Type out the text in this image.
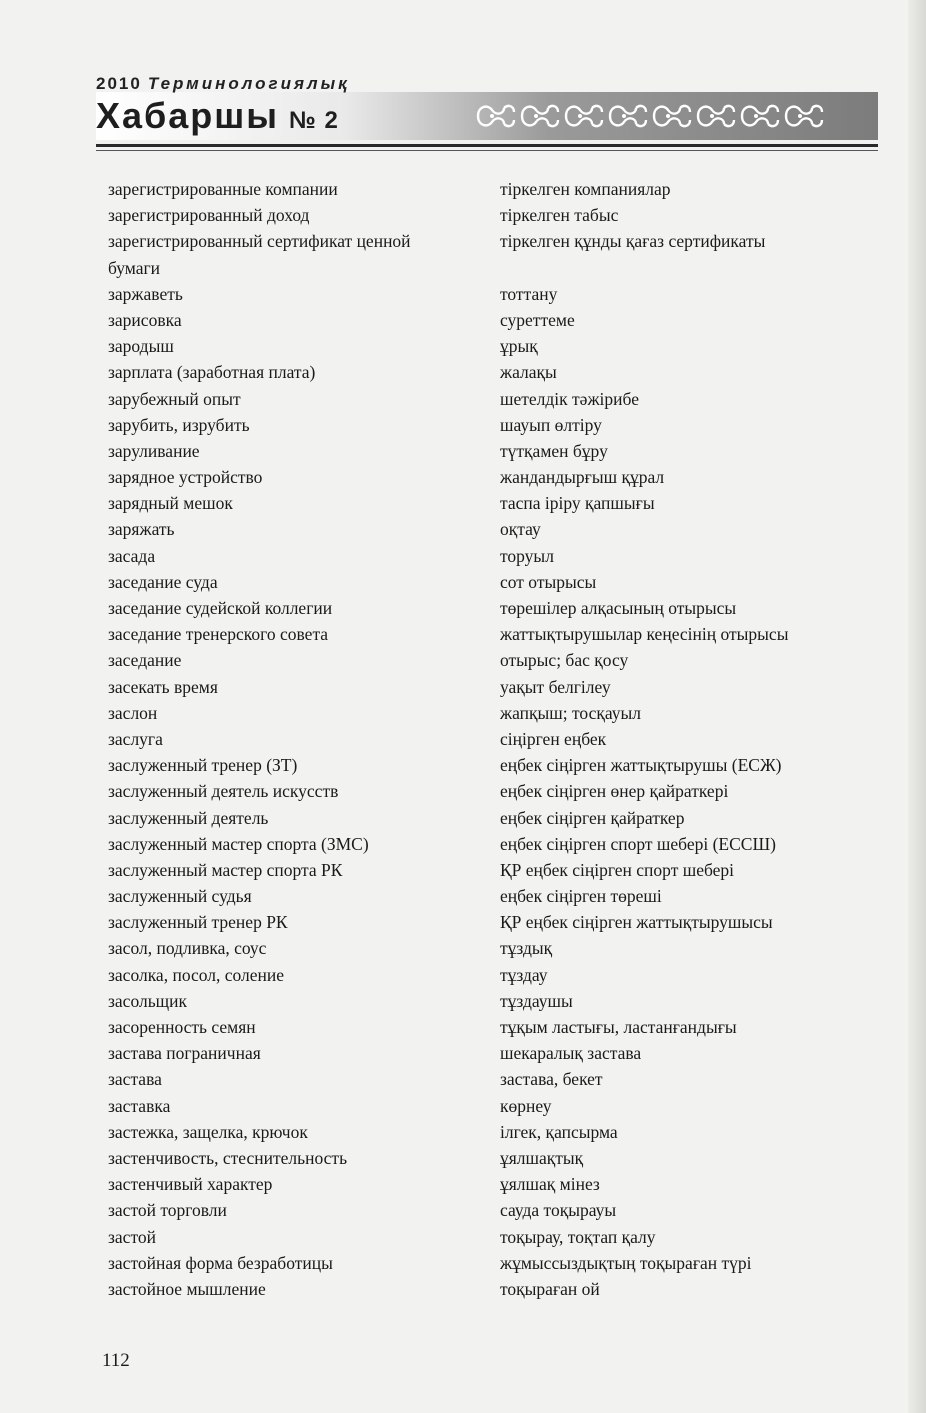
2010 Терминологиялық
Хабаршы № 2
зарегистрированные компании	тіркелген компаниялар
зарегистрированный доход	тіркелген табыс
зарегистрированный сертификат ценной	тіркелген құнды қағаз сертификаты
бумаги
заржаветь	тоттану
зарисовка	суреттеме
зародыш	ұрық
зарплата (заработная плата)	жалақы
зарубежный опыт	шетелдік тәжірибе
зарубить, изрубить	шауып өлтіру
заруливание	түтқамен бұру
зарядное устройство	жандандырғыш құрал
зарядный мешок	таспа іріру қапшығы
заряжать	оқтау
засада	торуыл
заседание суда	сот отырысы
заседание судейской коллегии	төрешілер алқасының отырысы
заседание тренерского совета	жаттықтырушылар кеңесінің отырысы
заседание	отырыс; бас қосу
засекать время	уақыт белгілеу
заслон	жапқыш; тосқауыл
заслуга	сіңірген еңбек
заслуженный тренер (ЗТ)	еңбек сіңірген жаттықтырушы (ЕСЖ)
заслуженный деятель искусств	еңбек сіңірген өнер қайраткері
заслуженный деятель	еңбек сіңірген қайраткер
заслуженный мастер спорта (ЗМС)	еңбек сіңірген спорт шебері (ЕССШ)
заслуженный мастер спорта РК	ҚР еңбек сіңірген спорт шебері
заслуженный судья	еңбек сіңірген төреші
заслуженный тренер РК	ҚР еңбек сіңірген жаттықтырушысы
засол, подливка, соус	тұздық
засолка, посол, соление	тұздау
засольщик	тұздаушы
засоренность семян	тұқым ластығы, ластанғандығы
застава пограничная	шекаралық застава
застава	застава, бекет
заставка	көрнеу
застежка, защелка, крючок	ілгек, қапсырма
застенчивость, стеснительность	ұялшақтық
застенчивый характер	ұялшақ мінез
застой торговли	сауда тоқырауы
застой	тоқырау, тоқтап қалу
застойная форма безработицы	жұмыссыздықтың тоқыраған түрі
застойное мышление	тоқыраған ой
112
